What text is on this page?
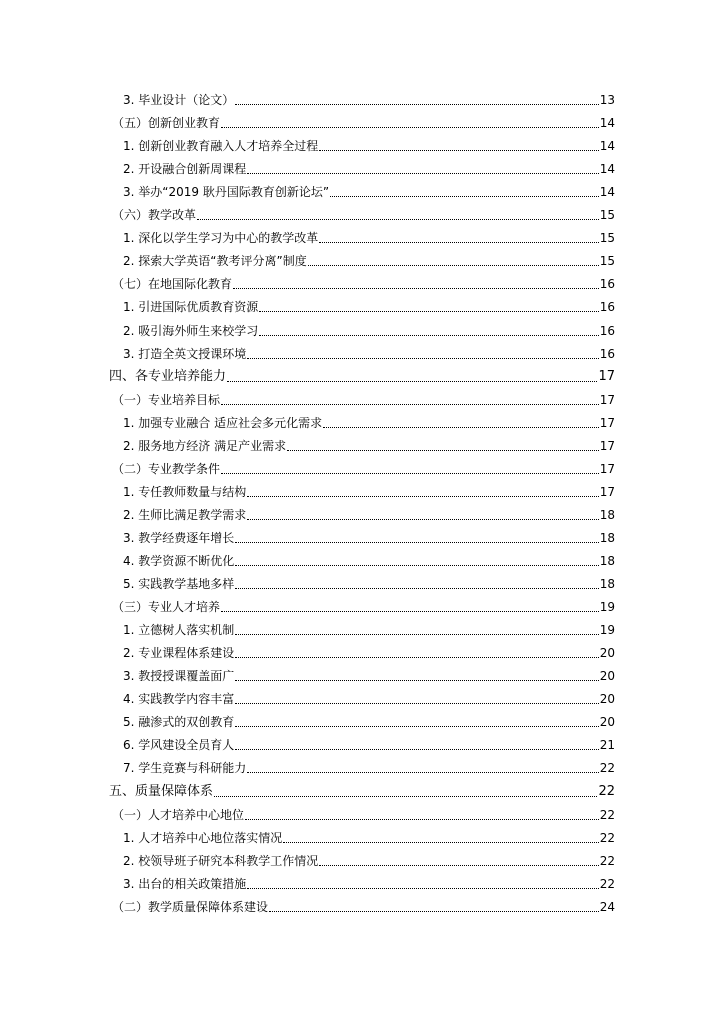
3. 毕业设计（论文）	13
（五）创新创业教育	14
1. 创新创业教育融入人才培养全过程	14
2. 开设融合创新周课程	14
3. 举办“2019 耿丹国际教育创新论坛”	14
（六）教学改革	15
1. 深化以学生学习为中心的教学改革	15
2. 探索大学英语“教考评分离”制度	15
（七）在地国际化教育	16
1. 引进国际优质教育资源	16
2. 吸引海外师生来校学习	16
3. 打造全英文授课环境	16
四、各专业培养能力	17
（一）专业培养目标	17
1. 加强专业融合 适应社会多元化需求	17
2. 服务地方经济 满足产业需求	17
（二）专业教学条件	17
1. 专任教师数量与结构	17
2. 生师比满足教学需求	18
3. 教学经费逐年增长	18
4. 教学资源不断优化	18
5. 实践教学基地多样	18
（三）专业人才培养	19
1. 立德树人落实机制	19
2. 专业课程体系建设	20
3. 教授授课覆盖面广	20
4. 实践教学内容丰富	20
5. 融渗式的双创教育	20
6. 学风建设全员育人	21
7. 学生竞赛与科研能力	22
五、质量保障体系	22
（一）人才培养中心地位	22
1. 人才培养中心地位落实情况	22
2. 校领导班子研究本科教学工作情况	22
3. 出台的相关政策措施	22
（二）教学质量保障体系建设	24
